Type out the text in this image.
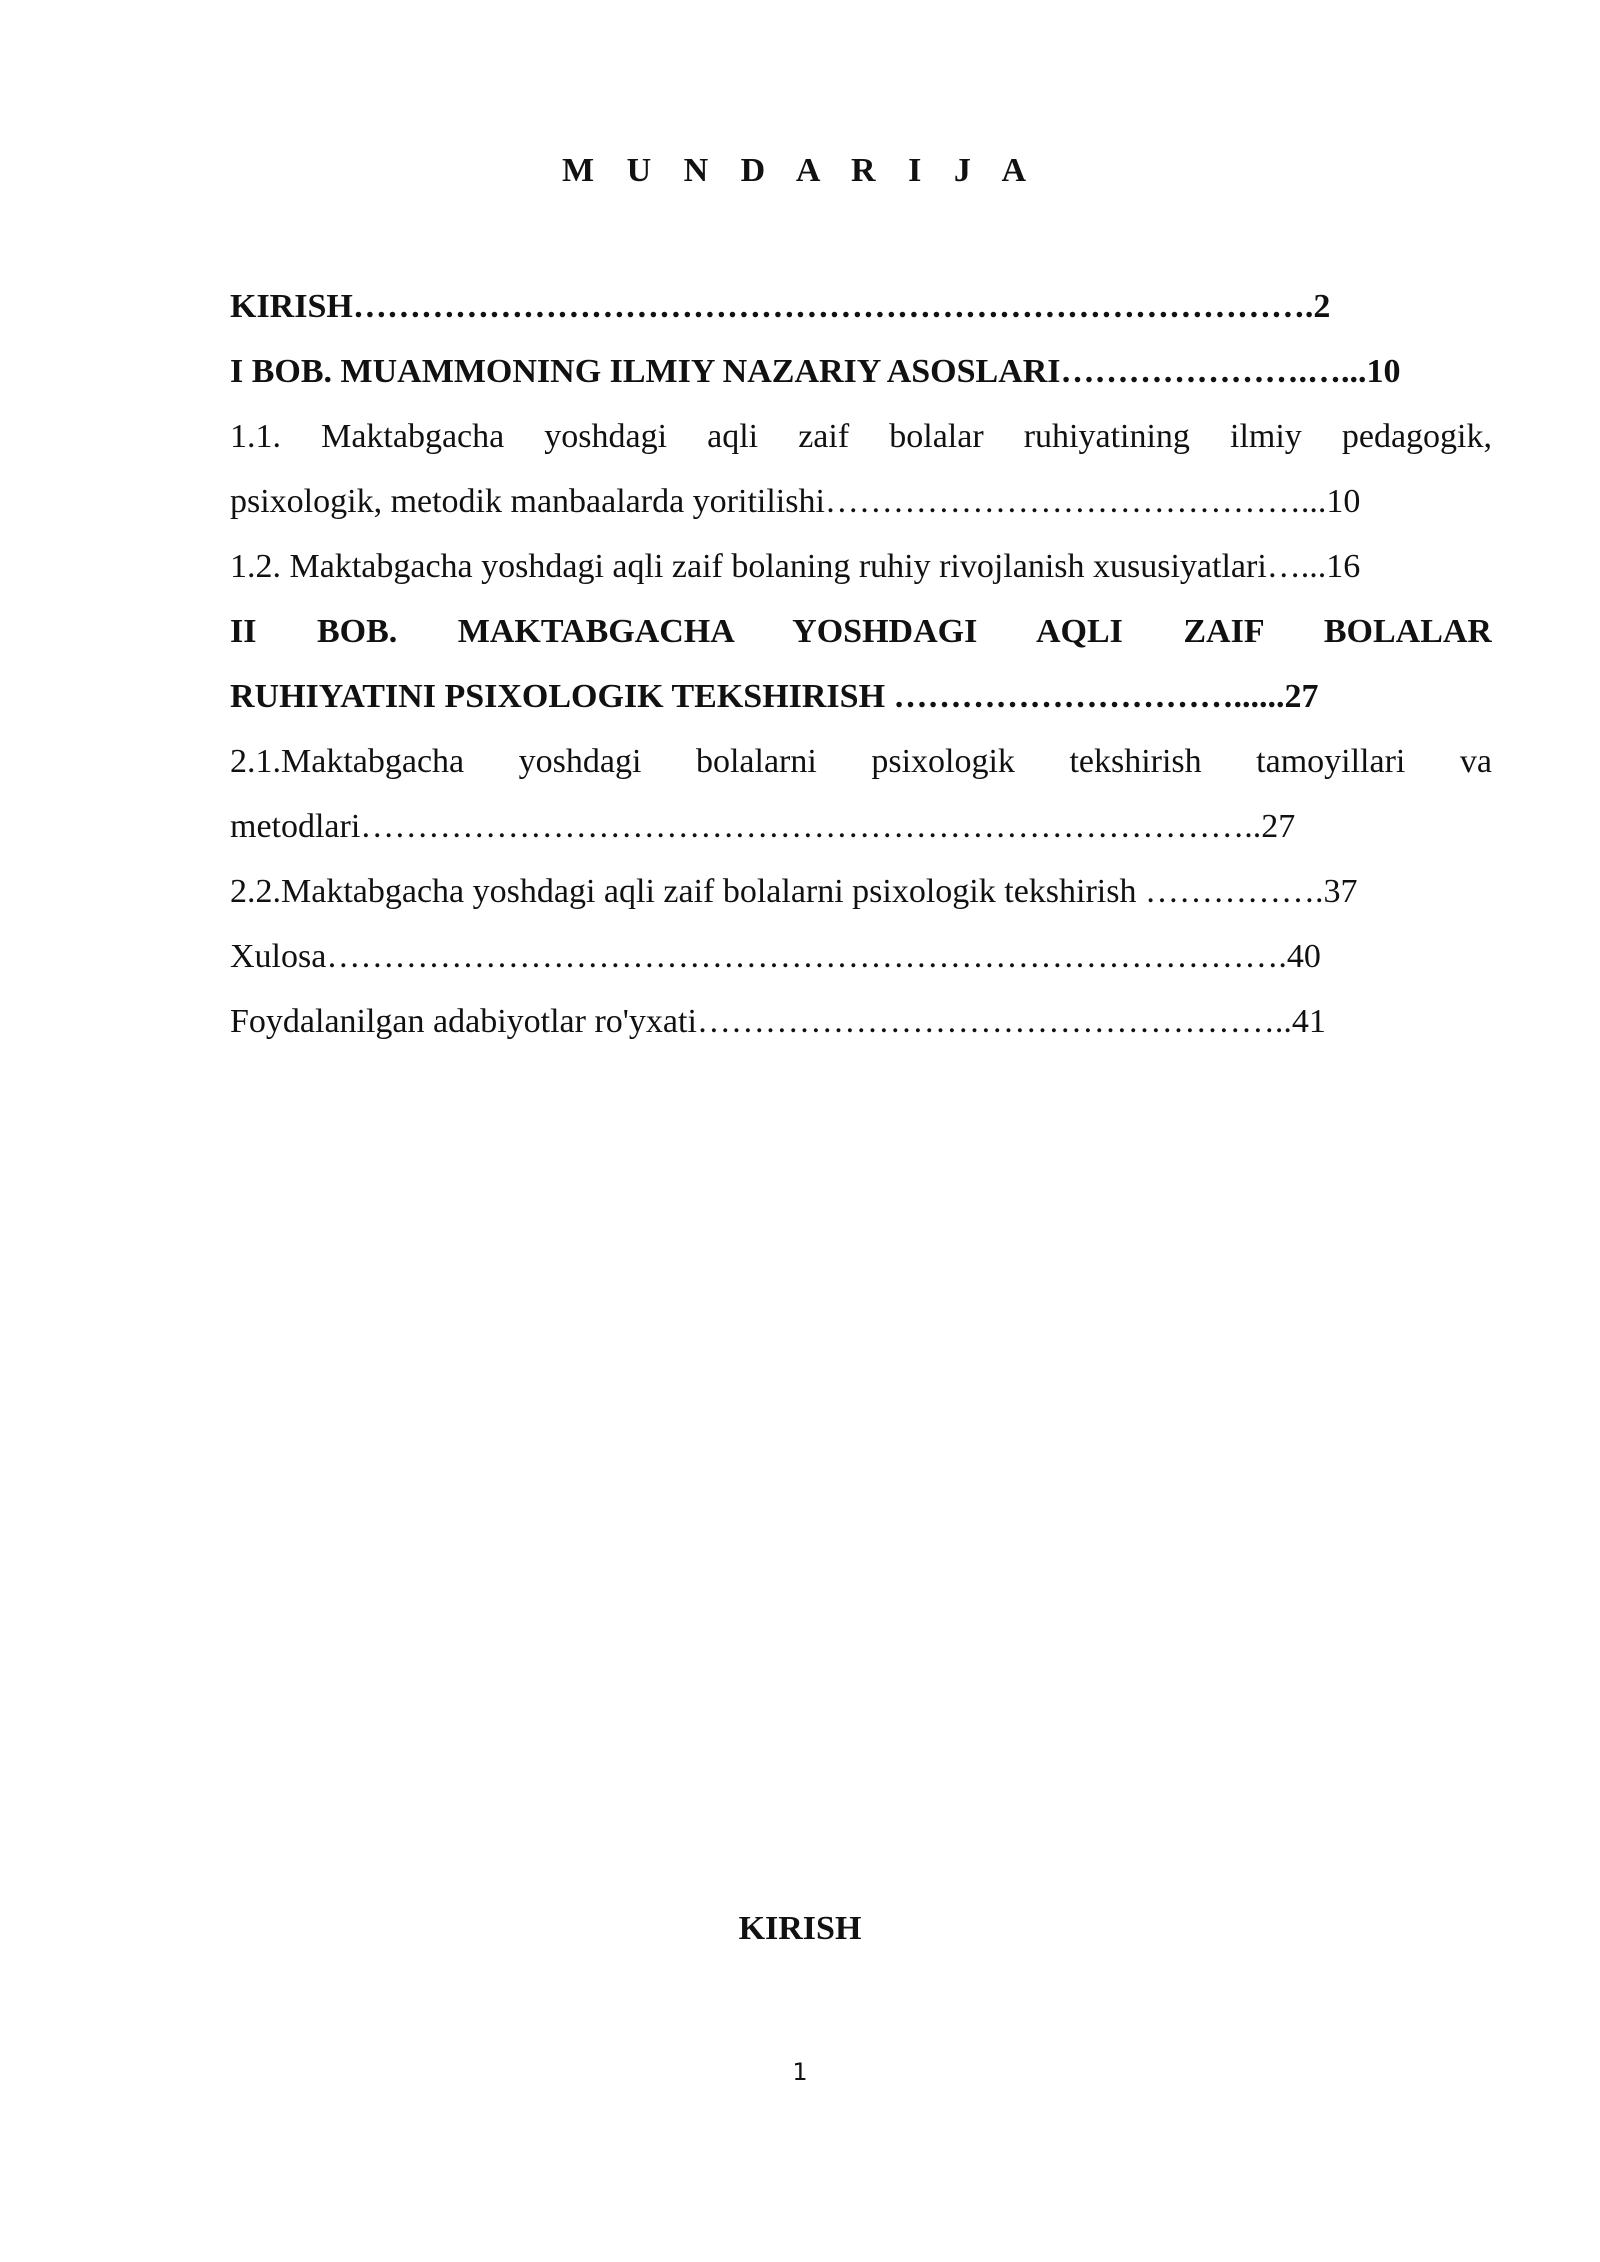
M U N D A R I J A
KIRISH………………………………………………………………………….2
I BOB. MUAMMONING ILMIY NAZARIY ASOSLARI………………….…...10
1.1. Maktabgacha yoshdagi aqli zaif bolalar ruhiyatining ilmiy pedagogik,
psixologik, metodik manbaalarda yoritilishi……………………………………...10
1.2. Maktabgacha yoshdagi aqli zaif bolaning ruhiy rivojlanish xususiyatlari…...16
II BOB. MAKTABGACHA YOSHDAGI AQLI ZAIF BOLALAR
RUHIYATINI PSIXOLOGIK TEKSHIRISH …………………………......27
2.1.Maktabgacha yoshdagi bolalarni psixologik tekshirish tamoyillari va
metodlari……………………………………………………………………..27
2.2.Maktabgacha yoshdagi aqli zaif bolalarni psixologik tekshirish …………….37
Xulosa………………………………………………………………………….40
Foydalanilgan adabiyotlar ro'yxati……………………………………………..41
KIRISH
1
